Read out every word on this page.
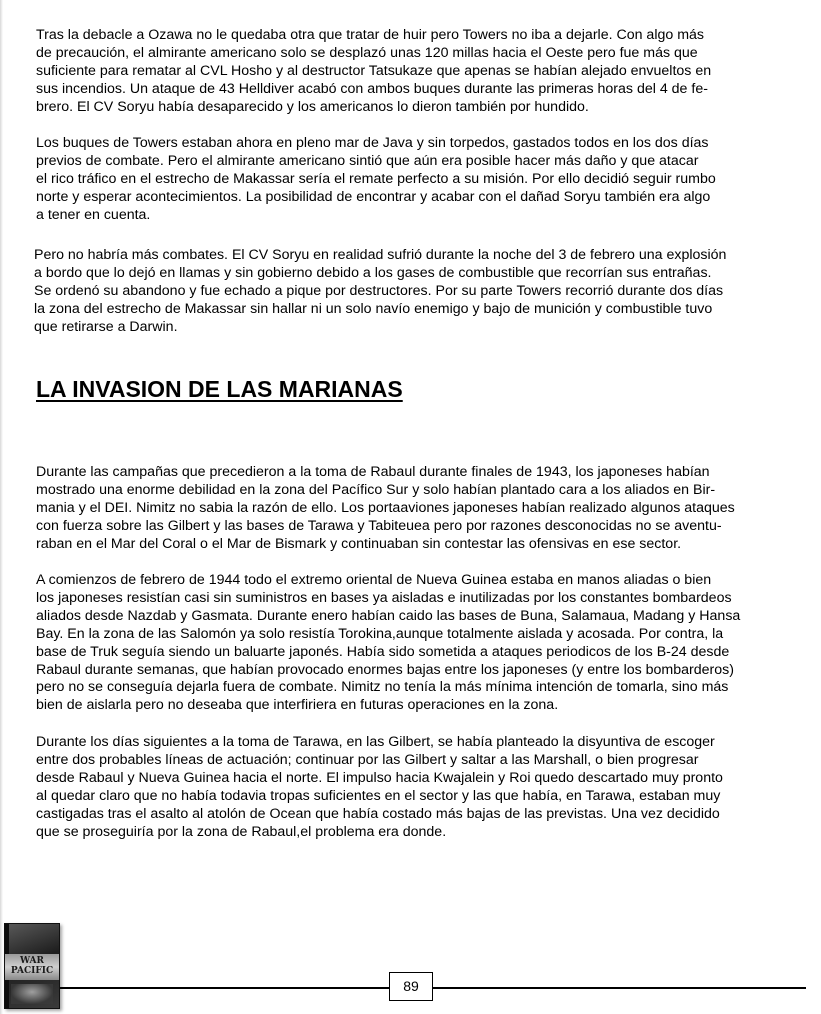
Tras la debacle a Ozawa no le quedaba otra que tratar de huir pero Towers no iba a dejarle. Con algo más
de precaución, el almirante americano solo se desplazó unas 120 millas hacia el Oeste pero fue más que
suficiente para rematar al CVL Hosho y al destructor Tatsukaze que apenas se habían alejado envueltos en
sus incendios. Un ataque de 43 Helldiver acabó con ambos buques durante las primeras horas del 4 de fe-
brero. El CV Soryu había desaparecido y los americanos lo dieron también por hundido.

Los buques de Towers estaban ahora en pleno mar de Java y sin torpedos, gastados todos en los dos días
previos de combate. Pero el almirante americano sintió que aún era posible hacer más daño y que atacar
el rico tráfico en el estrecho de Makassar sería el remate perfecto a su misión. Por ello decidió seguir rumbo
norte y esperar acontecimientos. La posibilidad de encontrar y acabar con el dañad Soryu también era algo
a tener en cuenta.

Pero no habría más combates. El CV Soryu en realidad sufrió durante la noche del 3 de febrero una explosión
a bordo que lo dejó en llamas y sin gobierno debido a los gases de combustible que recorrían sus entrañas.
Se ordenó su abandono y fue echado a pique por destructores. Por su parte Towers recorrió durante dos días
la zona del estrecho de Makassar sin hallar ni un solo navío enemigo y bajo de munición y combustible tuvo
que retirarse a Darwin.

LA INVASION DE LAS MARIANAS

Durante las campañas que precedieron a la toma de Rabaul durante finales de 1943, los japoneses habían
mostrado una enorme debilidad en la zona del Pacífico Sur y solo habían plantado cara a los aliados en Bir-
mania y el DEI. Nimitz no sabia la razón de ello. Los portaaviones japoneses habían realizado algunos ataques
con fuerza sobre las Gilbert y las bases de Tarawa y Tabiteuea pero por razones desconocidas no se aventu-
raban en el Mar del Coral o el Mar de Bismark y continuaban sin contestar las ofensivas en ese sector.

A comienzos de febrero de 1944 todo el extremo oriental de Nueva Guinea estaba en manos aliadas o bien
los japoneses resistían casi sin suministros en bases ya aisladas e inutilizadas por los constantes bombardeos
aliados desde Nazdab y Gasmata. Durante enero habían caido las bases de Buna, Salamaua, Madang y Hansa
Bay. En la zona de las Salomón ya solo resistía Torokina,aunque totalmente aislada y acosada. Por contra, la
base de Truk seguía siendo un baluarte japonés. Había sido sometida a ataques periodicos de los B-24 desde
Rabaul durante semanas, que habían provocado enormes bajas entre los japoneses (y entre los bombarderos)
pero no se conseguía dejarla fuera de combate. Nimitz no tenía la más mínima intención de tomarla, sino más
bien de aislarla pero no deseaba que interfiriera en futuras operaciones en la zona.

Durante los días siguientes a la toma de Tarawa, en las Gilbert, se había planteado la disyuntiva de escoger
entre dos probables líneas de actuación; continuar por las Gilbert y saltar a las Marshall, o bien progresar
desde Rabaul y Nueva Guinea hacia el norte. El impulso hacia Kwajalein y Roi quedo descartado muy pronto
al quedar claro que no había todavia tropas suficientes en el sector y las que había, en Tarawa, estaban muy
castigadas tras el asalto al atolón de Ocean que había costado más bajas de las previstas. Una vez decidido
que se proseguiría por la zona de Rabaul,el problema era donde.

WAR
PACIFIC
89
